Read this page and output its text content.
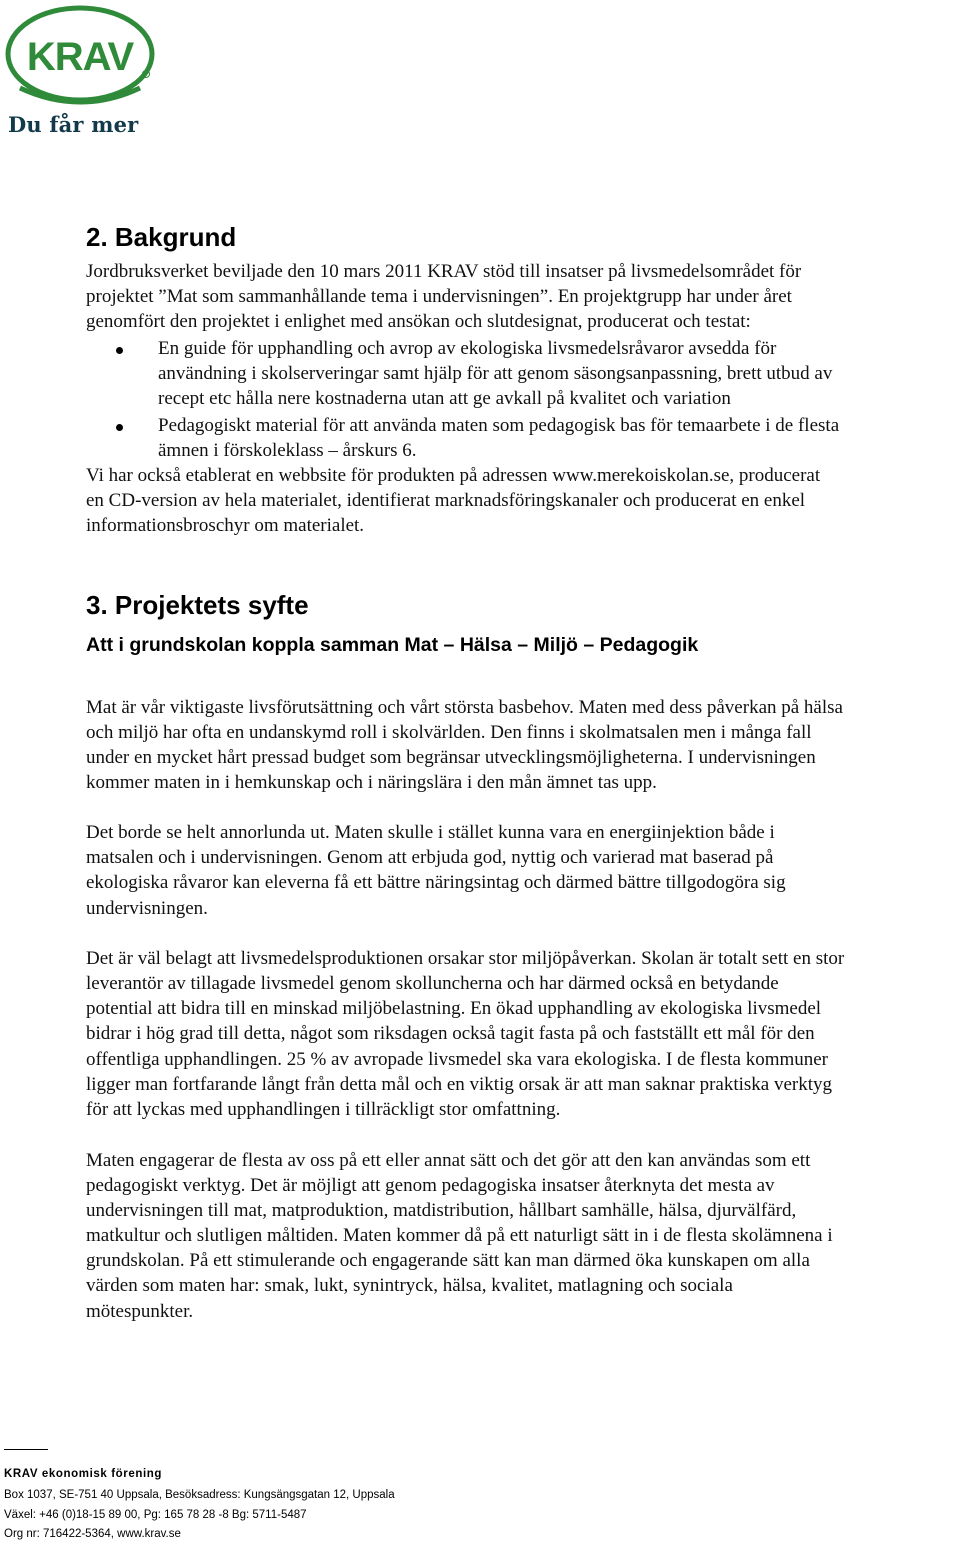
KRAV
Du får mer
2. Bakgrund
Jordbruksverket beviljade den 10 mars 2011 KRAV stöd till insatser på livsmedelsområdet för
projektet ”Mat som sammanhållande tema i undervisningen”. En projektgrupp har under året
genomfört den projektet i enlighet med ansökan och slutdesignat, producerat och testat:
En guide för upphandling och avrop av ekologiska livsmedelsråvaror avsedda för
användning i skolserveringar samt hjälp för att genom säsongsanpassning, brett utbud av
recept etc hålla nere kostnaderna utan att ge avkall på kvalitet och variation
Pedagogiskt material för att använda maten som pedagogisk bas för temaarbete i de flesta
ämnen i förskoleklass – årskurs 6.
Vi har också etablerat en webbsite för produkten på adressen www.merekoiskolan.se, producerat
en CD-version av hela materialet, identifierat marknadsföringskanaler och producerat en enkel
informationsbroschyr om materialet.
3. Projektets syfte
Att i grundskolan koppla samman Mat – Hälsa – Miljö – Pedagogik
Mat är vår viktigaste livsförutsättning och vårt största basbehov. Maten med dess påverkan på hälsa
och miljö har ofta en undanskymd roll i skolvärlden. Den finns i skolmatsalen men i många fall
under en mycket hårt pressad budget som begränsar utvecklingsmöjligheterna. I undervisningen
kommer maten in i hemkunskap och i näringslära i den mån ämnet tas upp.
Det borde se helt annorlunda ut. Maten skulle i stället kunna vara en energiinjektion både i
matsalen och i undervisningen. Genom att erbjuda god, nyttig och varierad mat baserad på
ekologiska råvaror kan eleverna få ett bättre näringsintag och därmed bättre tillgodogöra sig
undervisningen.
Det är väl belagt att livsmedelsproduktionen orsakar stor miljöpåverkan. Skolan är totalt sett en stor
leverantör av tillagade livsmedel genom skolluncherna och har därmed också en betydande
potential att bidra till en minskad miljöbelastning. En ökad upphandling av ekologiska livsmedel
bidrar i hög grad till detta, något som riksdagen också tagit fasta på och fastställt ett mål för den
offentliga upphandlingen. 25 % av avropade livsmedel ska vara ekologiska. I de flesta kommuner
ligger man fortfarande långt från detta mål och en viktig orsak är att man saknar praktiska verktyg
för att lyckas med upphandlingen i tillräckligt stor omfattning.
Maten engagerar de flesta av oss på ett eller annat sätt och det gör att den kan användas som ett
pedagogiskt verktyg. Det är möjligt att genom pedagogiska insatser återknyta det mesta av
undervisningen till mat, matproduktion, matdistribution, hållbart samhälle, hälsa, djurvälfärd,
matkultur och slutligen måltiden. Maten kommer då på ett naturligt sätt in i de flesta skolämnena i
grundskolan. På ett stimulerande och engagerande sätt kan man därmed öka kunskapen om alla
värden som maten har: smak, lukt, synintryck, hälsa, kvalitet, matlagning och sociala
mötespunkter.
KRAV ekonomisk förening
Box 1037, SE-751 40 Uppsala, Besöksadress: Kungsängsgatan 12, Uppsala
Växel: +46 (0)18-15 89 00, Pg: 165 78 28 -8 Bg: 5711-5487
Org nr: 716422-5364, www.krav.se
